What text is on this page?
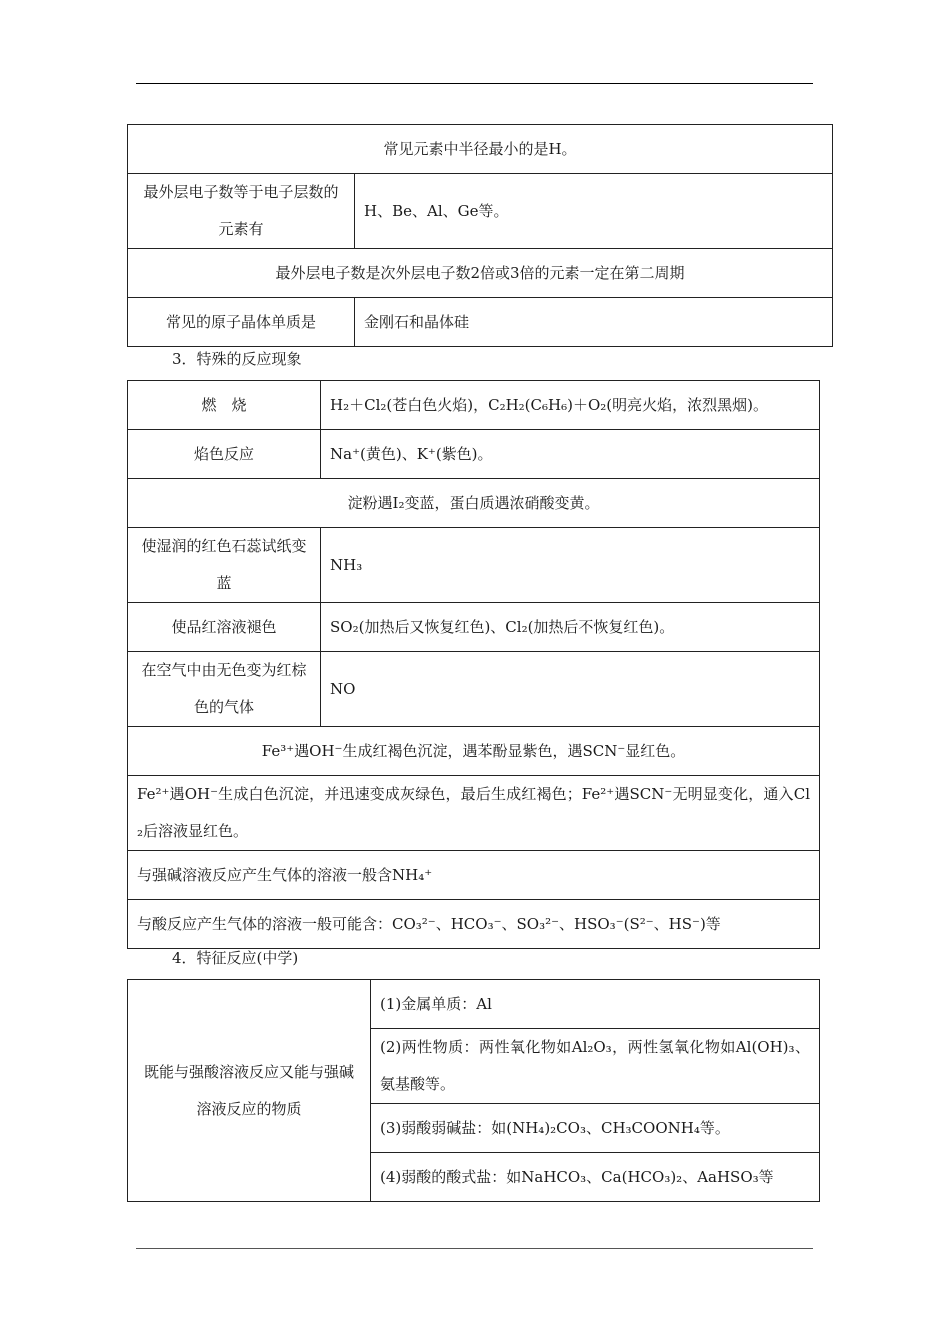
常见元素中半径最小的是H。	
最外层电子数等于电子层数的元素有	H、Be、Al、Ge等。
最外层电子数是次外层电子数2倍或3倍的元素一定在第二周期	
常见的原子晶体单质是	金刚石和晶体硅
3．特殊的反应现象
燃　烧	H₂＋Cl₂(苍白色火焰)，C₂H₂(C₆H₆)＋O₂(明亮火焰，浓烈黑烟)。
焰色反应	Na⁺(黄色)、K⁺(紫色)。
淀粉遇I₂变蓝，蛋白质遇浓硝酸变黄。	
使湿润的红色石蕊试纸变蓝	NH₃
使品红溶液褪色	SO₂(加热后又恢复红色)、Cl₂(加热后不恢复红色)。
在空气中由无色变为红棕色的气体	NO
Fe³⁺遇OH⁻生成红褐色沉淀，遇苯酚显紫色，遇SCN⁻显红色。	
Fe²⁺遇OH⁻生成白色沉淀，并迅速变成灰绿色，最后生成红褐色；Fe²⁺遇SCN⁻无明显变化，通入Cl₂后溶液显红色。	
与强碱溶液反应产生气体的溶液一般含NH₄⁺	
与酸反应产生气体的溶液一般可能含：CO₃²⁻、HCO₃⁻、SO₃²⁻、HSO₃⁻(S²⁻、HS⁻)等	
4．特征反应(中学)
既能与强酸溶液反应又能与强碱溶液反应的物质	(1)金属单质：Al
(2)两性物质：两性氧化物如Al₂O₃，两性氢氧化物如Al(OH)₃、氨基酸等。
(3)弱酸弱碱盐：如(NH₄)₂CO₃、CH₃COONH₄等。
(4)弱酸的酸式盐：如NaHCO₃、Ca(HCO₃)₂、AaHSO₃等
